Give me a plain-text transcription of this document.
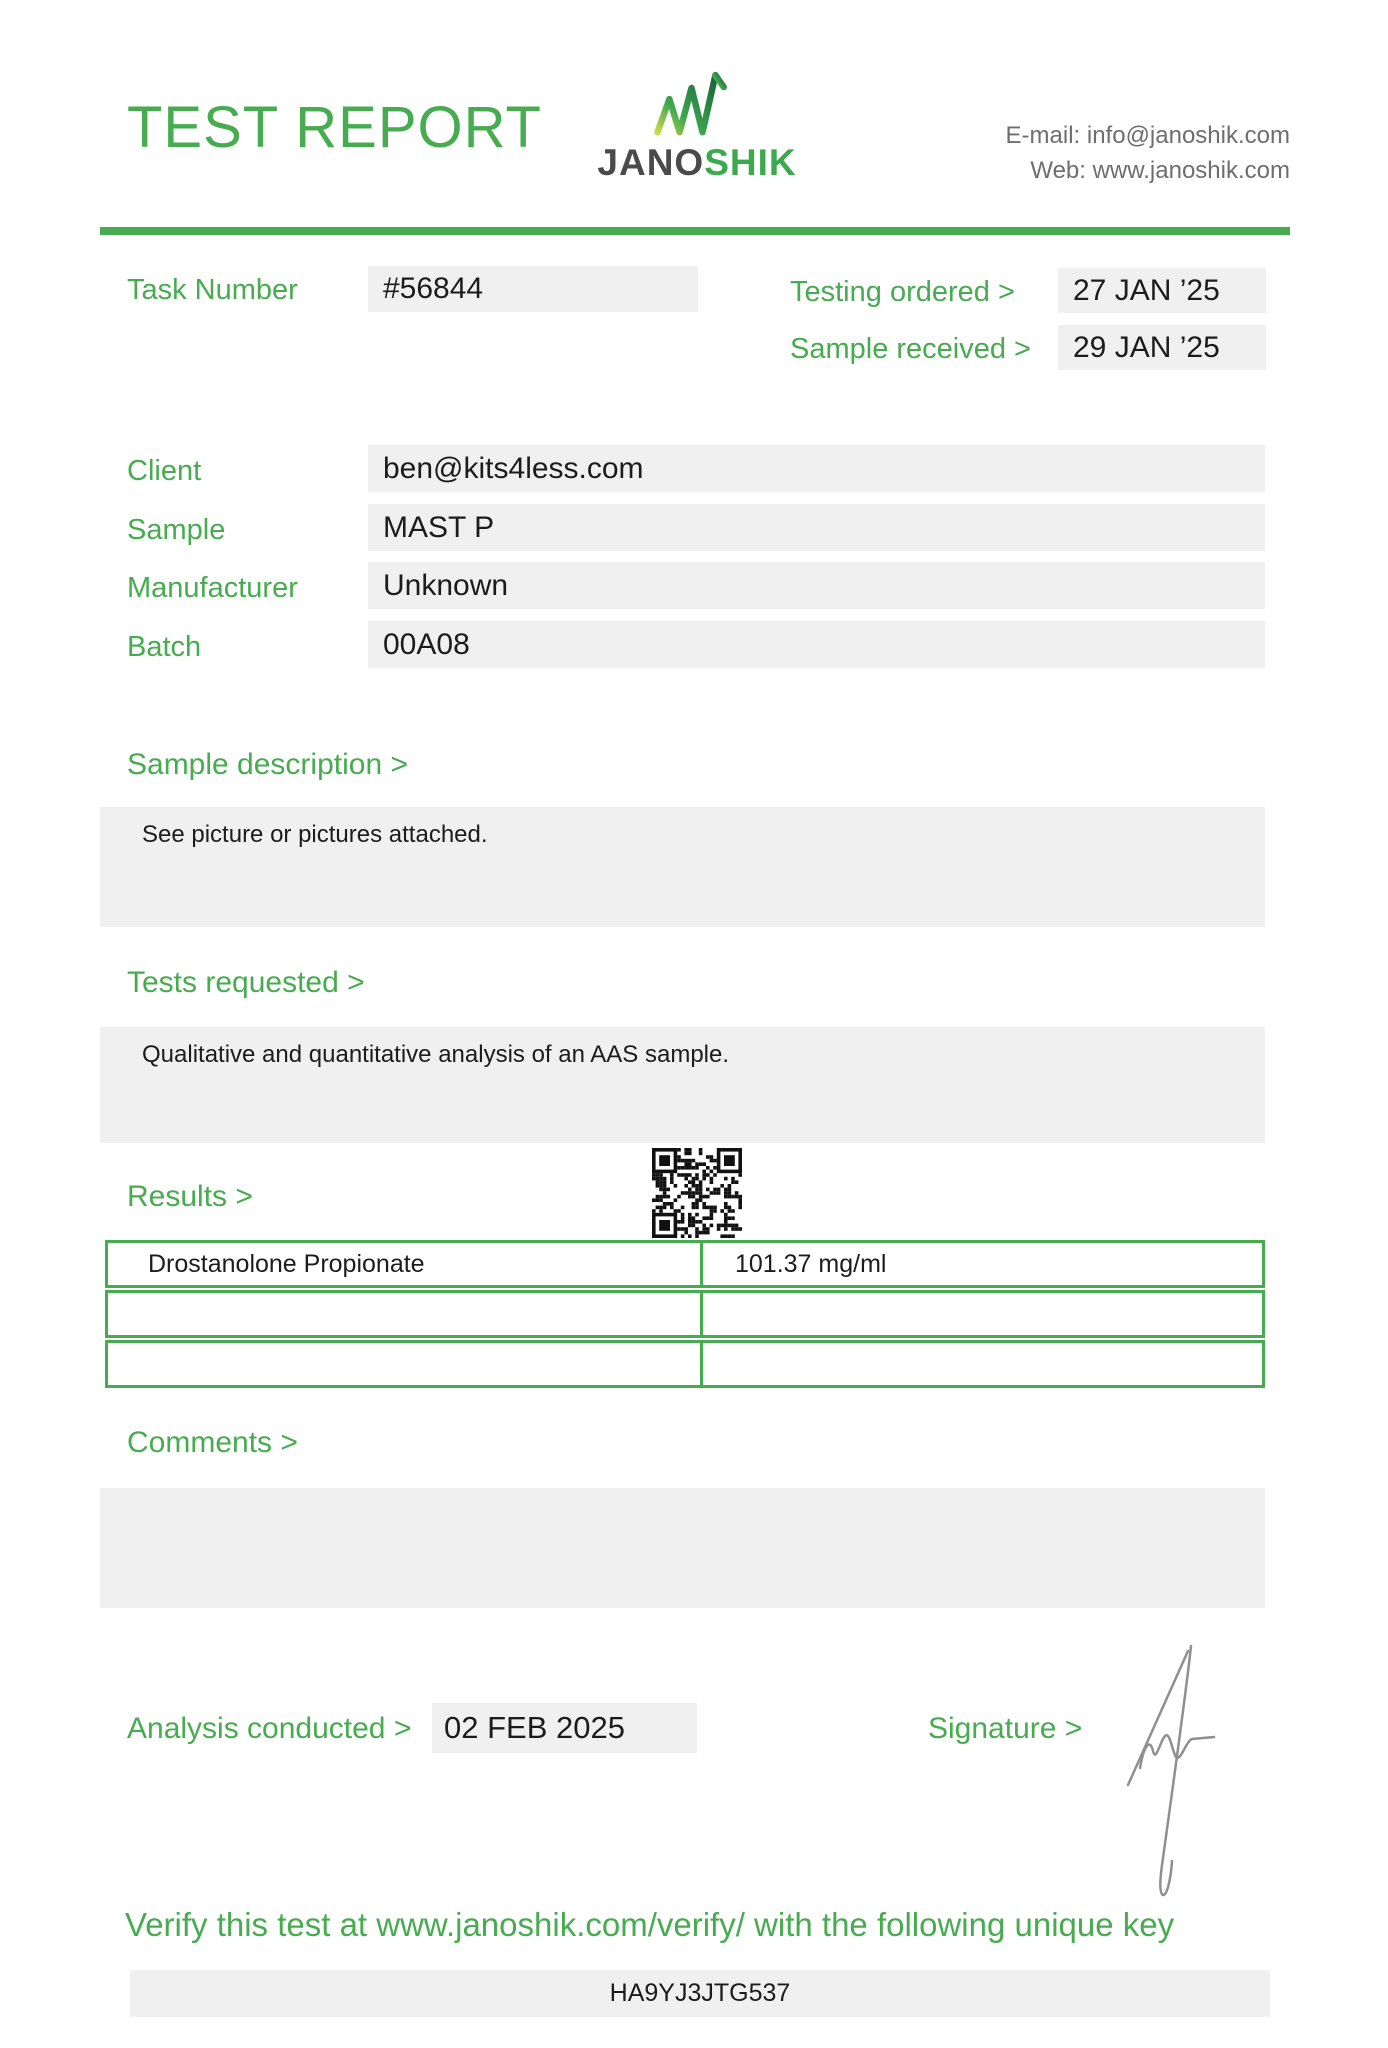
TEST REPORT
JANOSHIK
E-mail: info@janoshik.com
Web: www.janoshik.com
Task Number	#56844	Testing ordered >	27 JAN ’25
Sample received >	29 JAN ’25
Client	ben@kits4less.com
Sample	MAST P
Manufacturer	Unknown
Batch	00A08
Sample description >
See picture or pictures attached.
Tests requested >
Qualitative and quantitative analysis of an AAS sample.
Results >
Drostanolone Propionate	101.37 mg/ml
Comments >
Analysis conducted >	02 FEB 2025	Signature >
Verify this test at www.janoshik.com/verify/ with the following unique key
HA9YJ3JTG537
